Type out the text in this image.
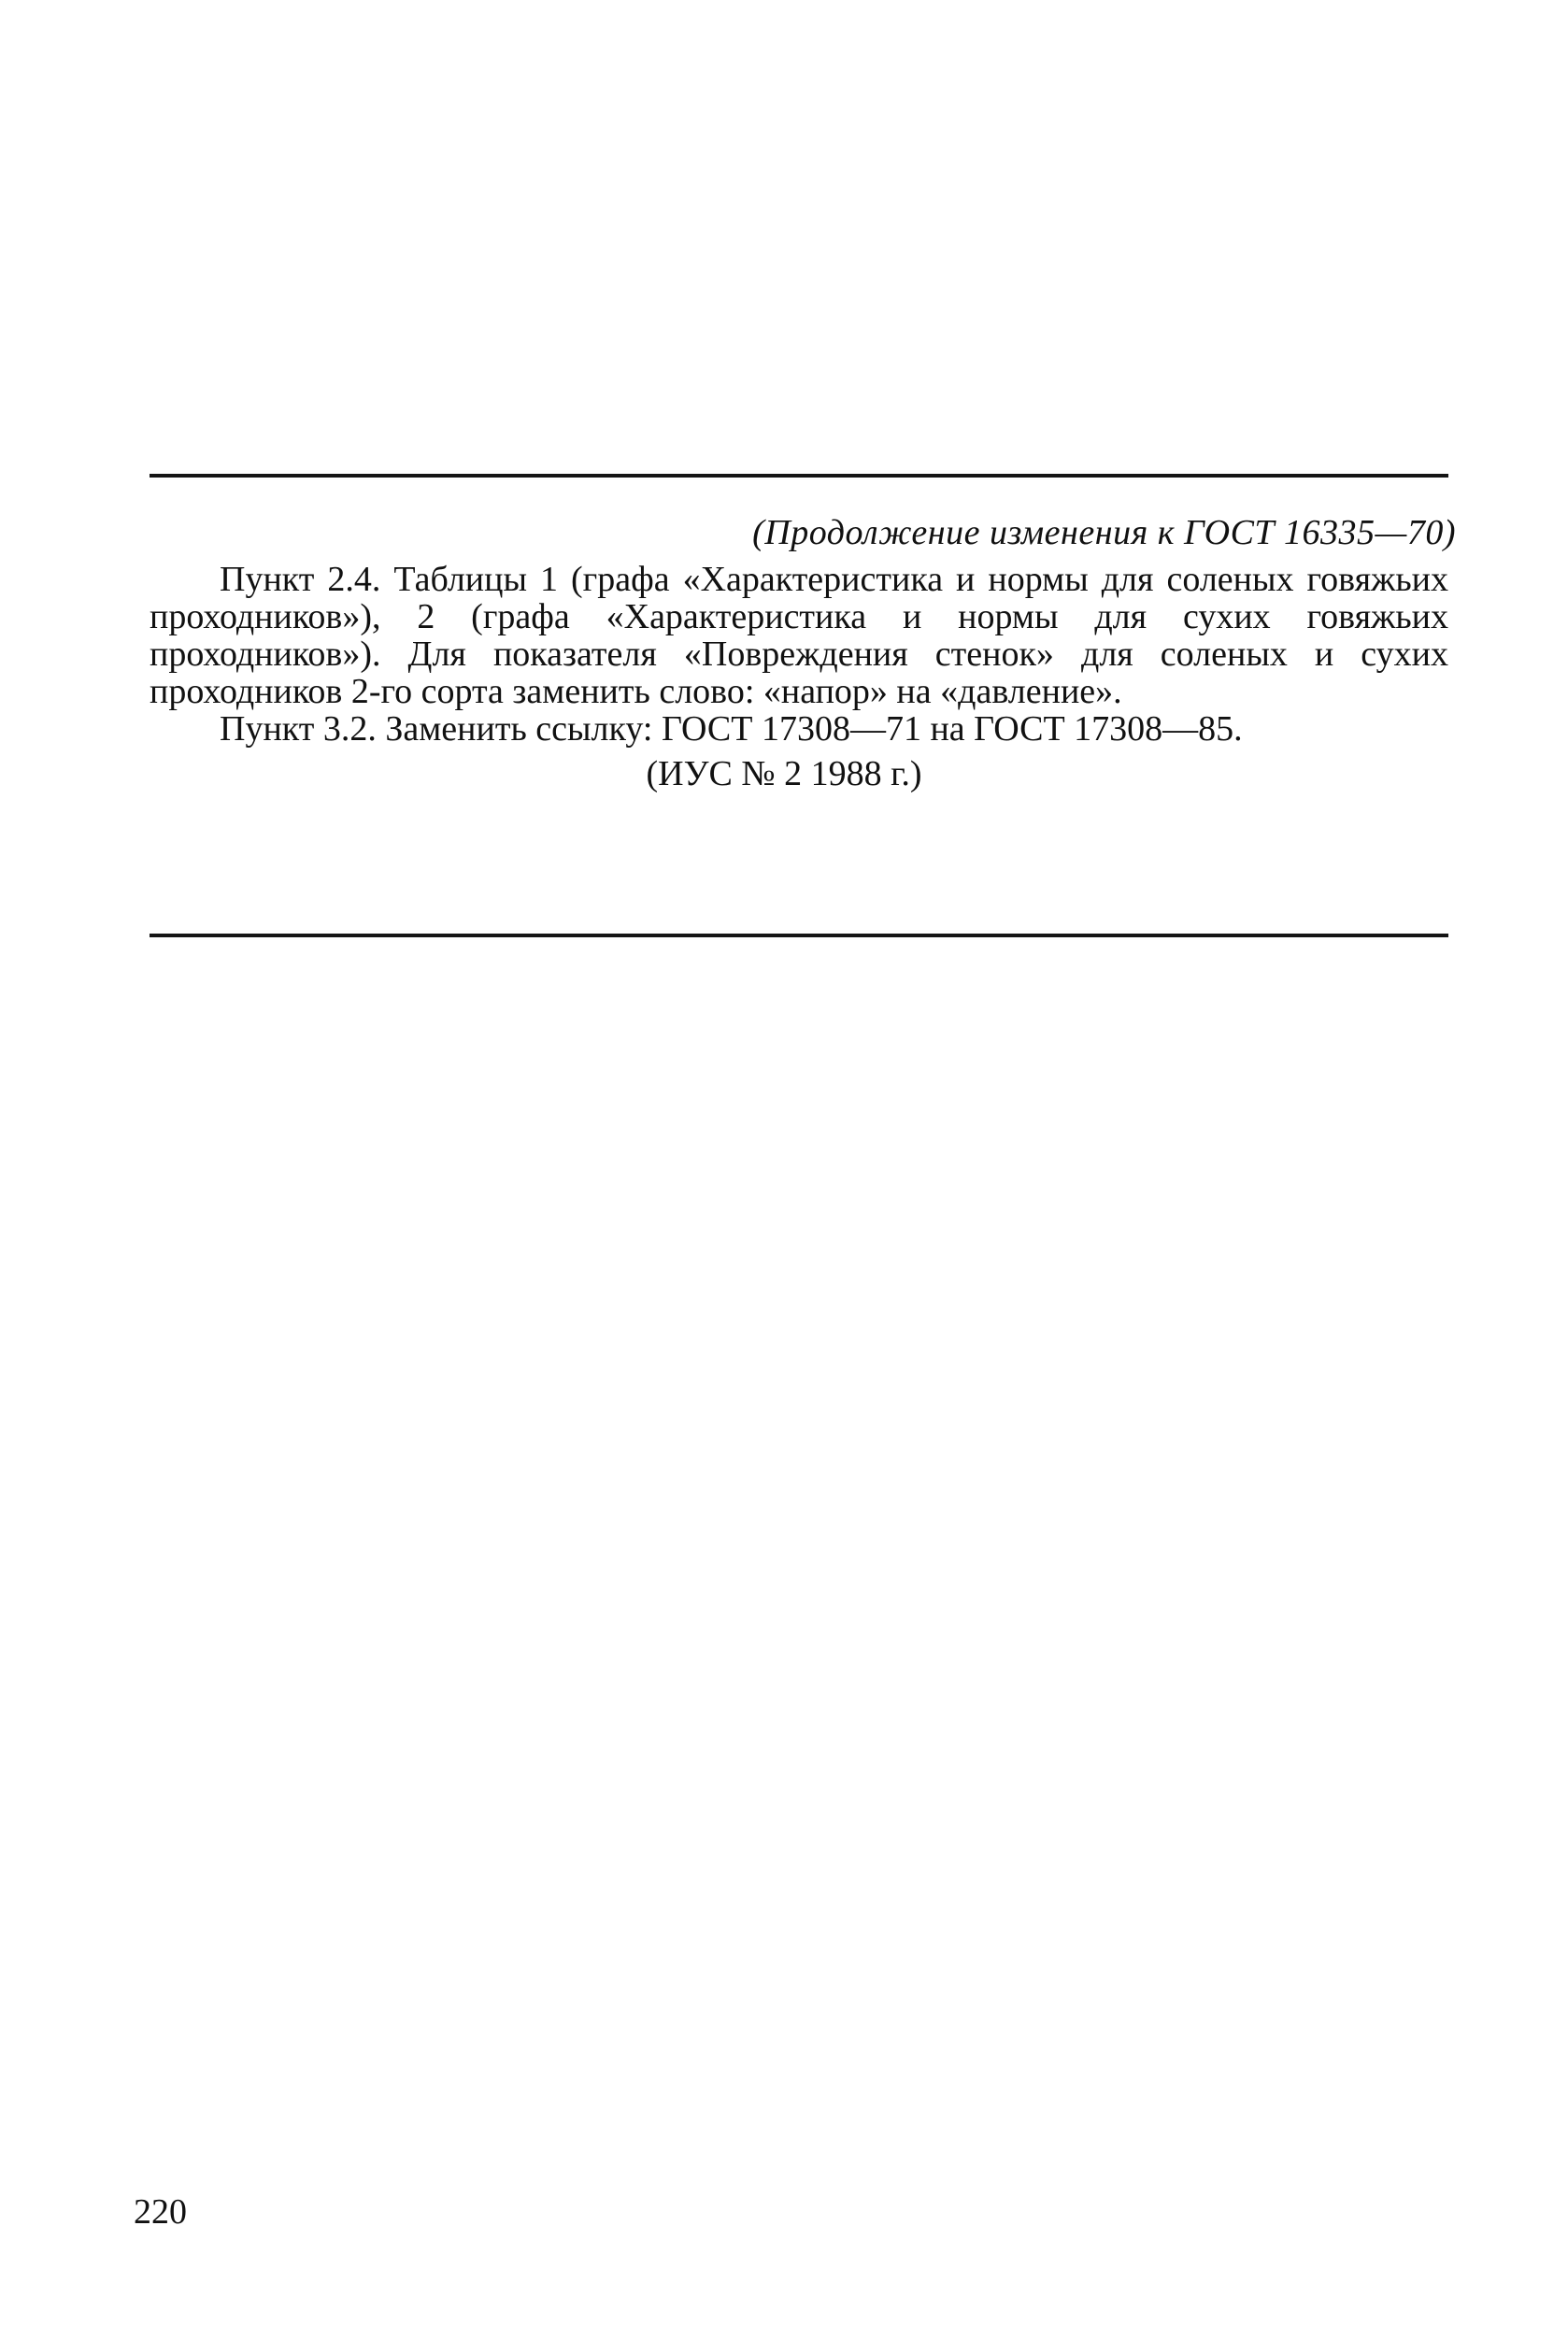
(Продолжение изменения к ГОСТ 16335—70)

Пункт 2.4. Таблицы 1 (графа «Характеристика и нормы для соленых говяжьих проходников»), 2 (графа «Характеристика и нормы для сухих говяжьих проходников»). Для показателя «Повреждения стенок» для соленых и сухих проходников 2-го сорта заменить слово: «напор» на «давление».

Пункт 3.2. Заменить ссылку: ГОСТ 17308—71 на ГОСТ 17308—85.

(ИУС № 2 1988 г.)
220
